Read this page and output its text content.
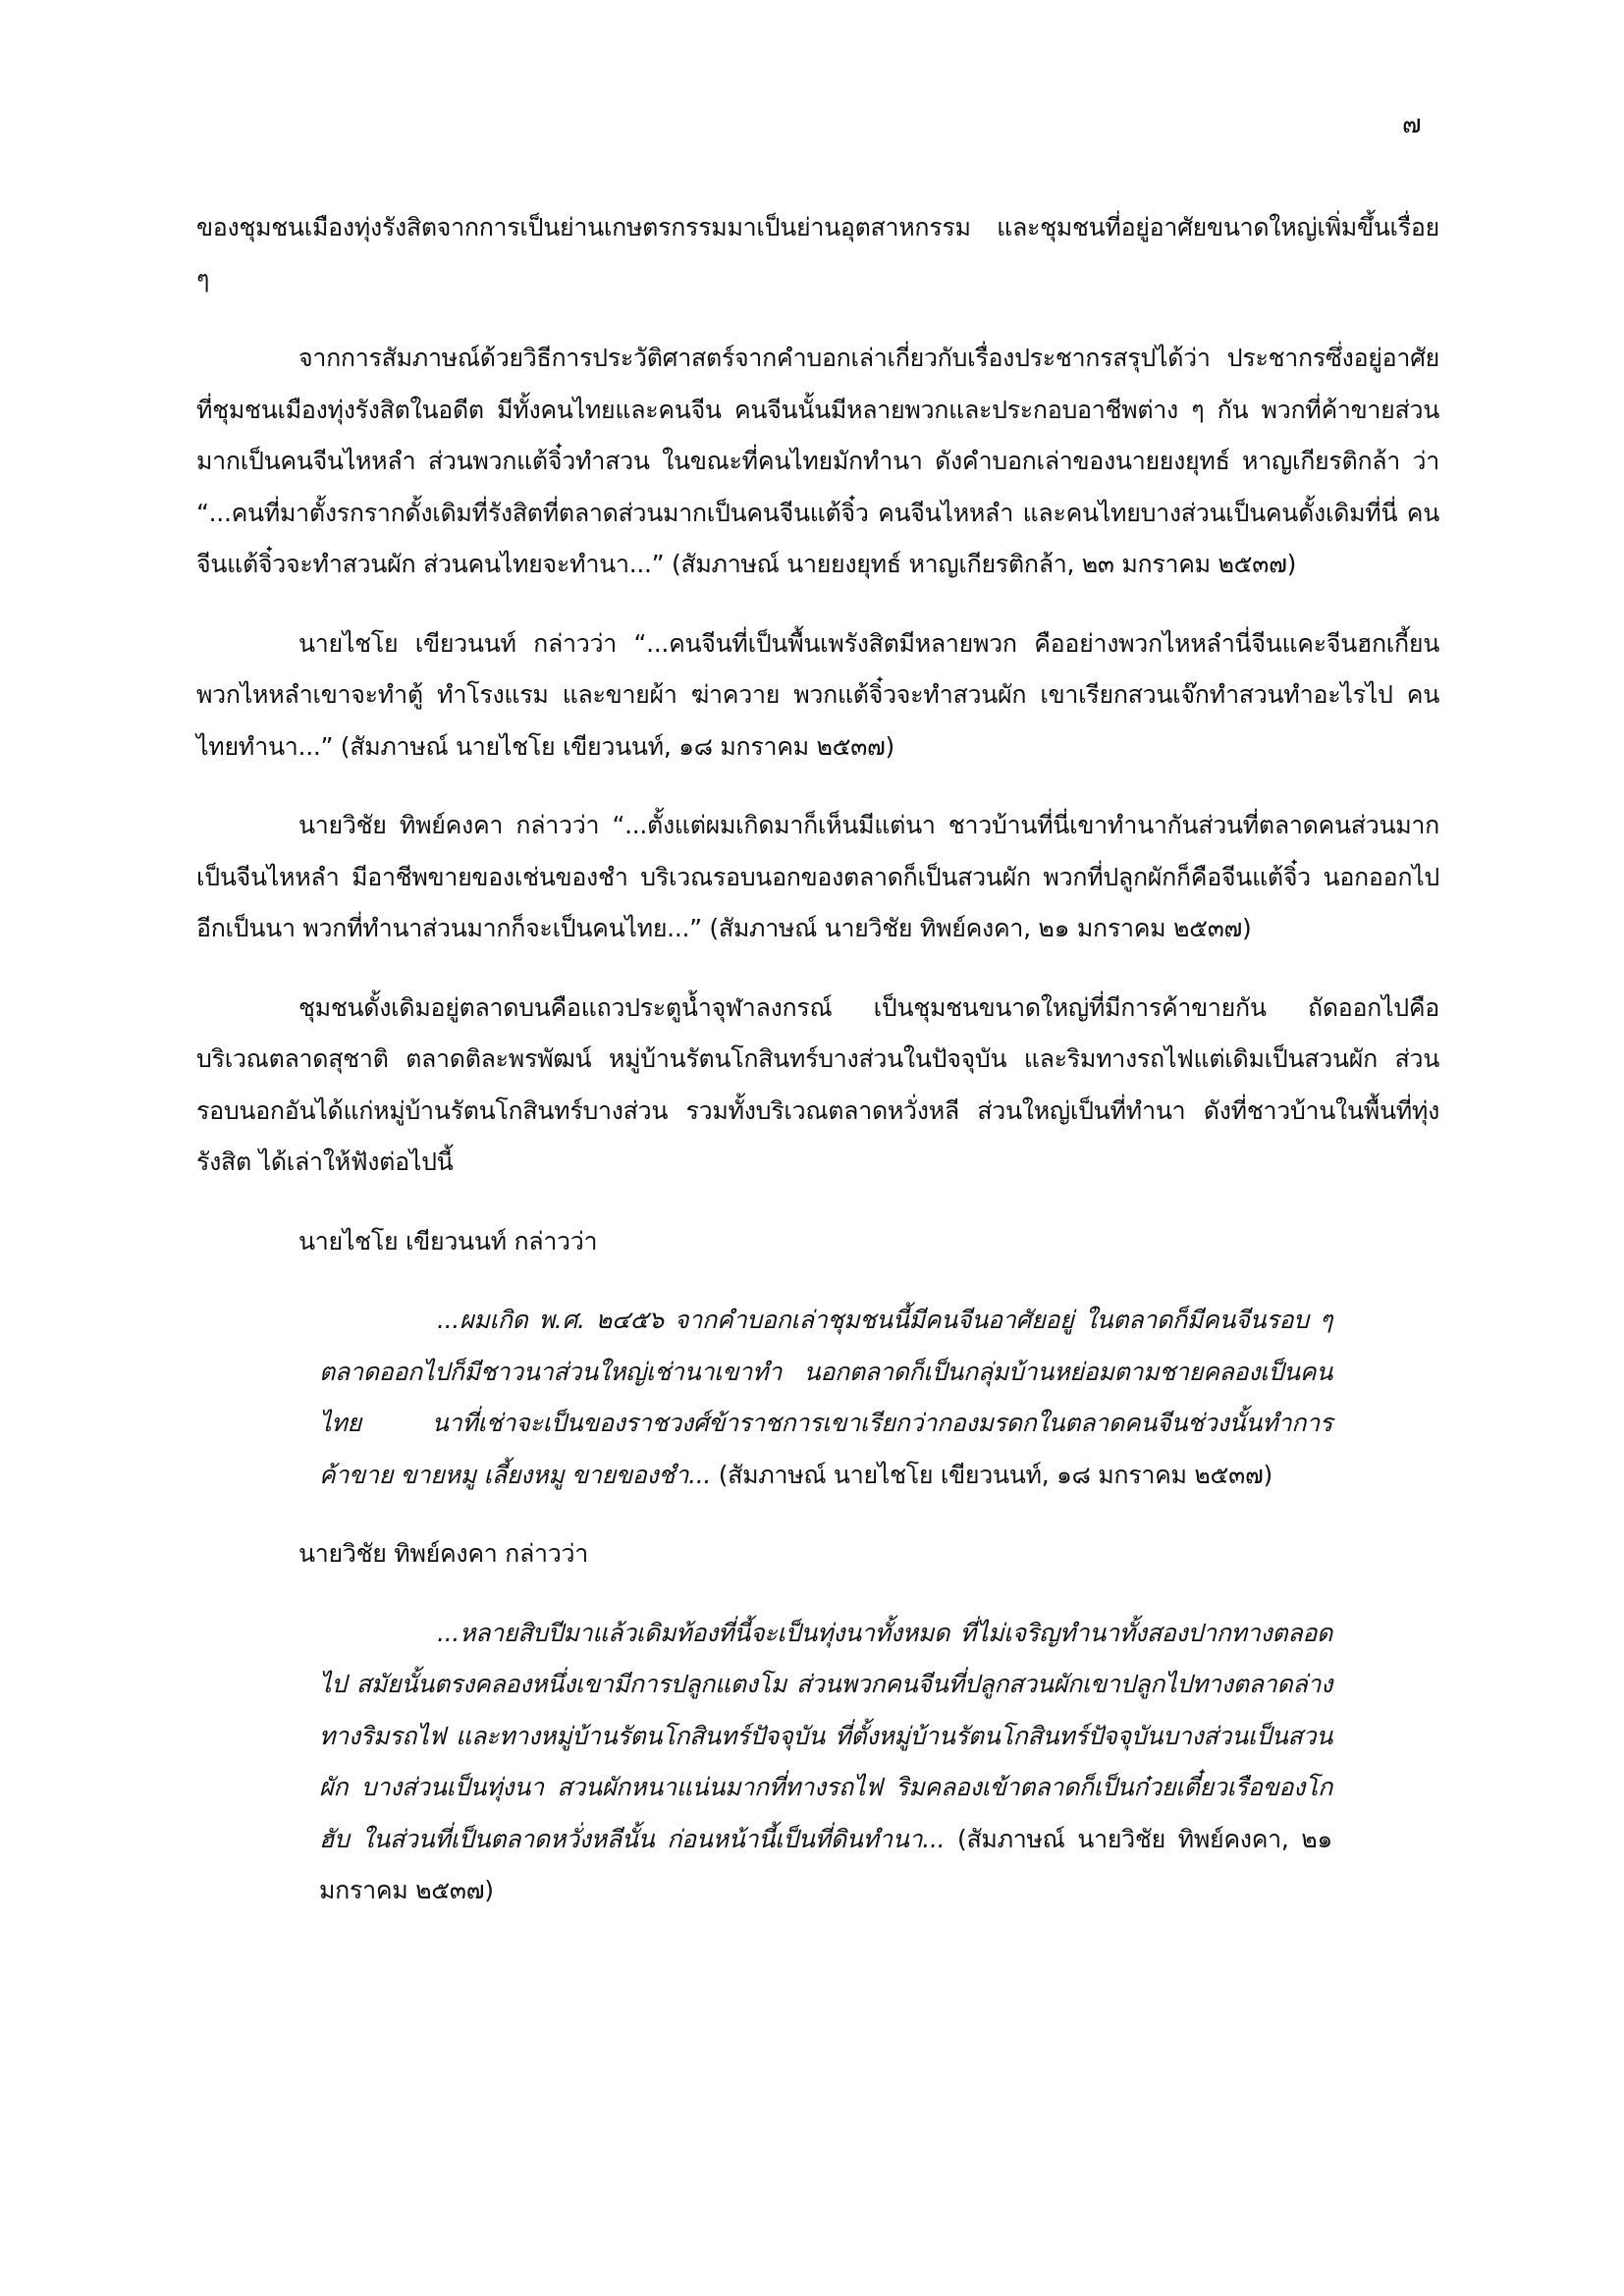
๗

ของชุมชนเมืองทุ่งรังสิตจากการเป็นย่านเกษตรกรรมมาเป็นย่านอุตสาหกรรม และชุมชนที่อยู่อาศัยขนาดใหญ่เพิ่มขึ้นเรื่อย ๆ

จากการสัมภาษณ์ด้วยวิธีการประวัติศาสตร์จากคำบอกเล่าเกี่ยวกับเรื่องประชากรสรุปได้ว่า ประชากรซึ่งอยู่อาศัยที่ชุมชนเมืองทุ่งรังสิตในอดีต มีทั้งคนไทยและคนจีน คนจีนนั้นมีหลายพวกและประกอบอาชีพต่าง ๆ กัน พวกที่ค้าขายส่วนมากเป็นคนจีนไหหลำ ส่วนพวกแต้จิ๋วทำสวน ในขณะที่คนไทยมักทำนา ดังคำบอกเล่าของนายยงยุทธ์ หาญเกียรติกล้า ว่า “...คนที่มาตั้งรกรากดั้งเดิมที่รังสิตที่ตลาดส่วนมากเป็นคนจีนแต้จิ๋ว คนจีนไหหลำ และคนไทยบางส่วนเป็นคนดั้งเดิมที่นี่ คนจีนแต้จิ๋วจะทำสวนผัก ส่วนคนไทยจะทำนา...” (สัมภาษณ์ นายยงยุทธ์ หาญเกียรติกล้า, ๒๓ มกราคม ๒๕๓๗)

นายไชโย เขียวนนท์ กล่าวว่า “...คนจีนที่เป็นพื้นเพรังสิตมีหลายพวก คืออย่างพวกไหหลำนี่จีนแคะจีนฮกเกี้ยน พวกไหหลำเขาจะทำตู้ ทำโรงแรม และขายผ้า ฆ่าควาย พวกแต้จิ๋วจะทำสวนผัก เขาเรียกสวนเจ๊กทำสวนทำอะไรไป คนไทยทำนา...” (สัมภาษณ์ นายไชโย เขียวนนท์, ๑๘ มกราคม ๒๕๓๗)

นายวิชัย ทิพย์คงคา กล่าวว่า “...ตั้งแต่ผมเกิดมาก็เห็นมีแต่นา ชาวบ้านที่นี่เขาทำนากันส่วนที่ตลาดคนส่วนมากเป็นจีนไหหลำ มีอาชีพขายของเช่นของชำ บริเวณรอบนอกของตลาดก็เป็นสวนผัก พวกที่ปลูกผักก็คือจีนแต้จิ๋ว นอกออกไปอีกเป็นนา พวกที่ทำนาส่วนมากก็จะเป็นคนไทย...” (สัมภาษณ์ นายวิชัย ทิพย์คงคา, ๒๑ มกราคม ๒๕๓๗)

ชุมชนดั้งเดิมอยู่ตลาดบนคือแถวประตูน้ำจุฬาลงกรณ์ เป็นชุมชนขนาดใหญ่ที่มีการค้าขายกัน ถัดออกไปคือบริเวณตลาดสุชาติ ตลาดติละพรพัฒน์ หมู่บ้านรัตนโกสินทร์บางส่วนในปัจจุบัน และริมทางรถไฟแต่เดิมเป็นสวนผัก ส่วนรอบนอกอันได้แก่หมู่บ้านรัตนโกสินทร์บางส่วน รวมทั้งบริเวณตลาดหวั่งหลี ส่วนใหญ่เป็นที่ทำนา ดังที่ชาวบ้านในพื้นที่ทุ่งรังสิต ได้เล่าให้ฟังต่อไปนี้

นายไชโย เขียวนนท์ กล่าวว่า
...ผมเกิด พ.ศ. ๒๔๕๖ จากคำบอกเล่าชุมชนนี้มีคนจีนอาศัยอยู่ ในตลาดก็มีคนจีนรอบ ๆ ตลาดออกไปก็มีชาวนาส่วนใหญ่เช่านาเขาทำ นอกตลาดก็เป็นกลุ่มบ้านหย่อมตามชายคลองเป็นคนไทย นาที่เช่าจะเป็นของราชวงศ์ข้าราชการเขาเรียกว่ากองมรดกในตลาดคนจีนช่วงนั้นทำการค้าขาย ขายหมู เลี้ยงหมู ขายของชำ... (สัมภาษณ์ นายไชโย เขียวนนท์, ๑๘ มกราคม ๒๕๓๗)
นายวิชัย ทิพย์คงคา กล่าวว่า
...หลายสิบปีมาแล้วเดิมท้องที่นี้จะเป็นทุ่งนาทั้งหมด ที่ไม่เจริญทำนาทั้งสองปากทางตลอดไป สมัยนั้นตรงคลองหนึ่งเขามีการปลูกแตงโม ส่วนพวกคนจีนที่ปลูกสวนผักเขาปลูกไปทางตลาดล่าง ทางริมรถไฟ และทางหมู่บ้านรัตนโกสินทร์ปัจจุบัน ที่ตั้งหมู่บ้านรัตนโกสินทร์ปัจจุบันบางส่วนเป็นสวนผัก บางส่วนเป็นทุ่งนา สวนผักหนาแน่นมากที่ทางรถไฟ ริมคลองเข้าตลาดก็เป็นก๋วยเตี๋ยวเรือของโกฮับ ในส่วนที่เป็นตลาดหวั่งหลีนั้น ก่อนหน้านี้เป็นที่ดินทำนา... (สัมภาษณ์ นายวิชัย ทิพย์คงคา, ๒๑ มกราคม ๒๕๓๗)
